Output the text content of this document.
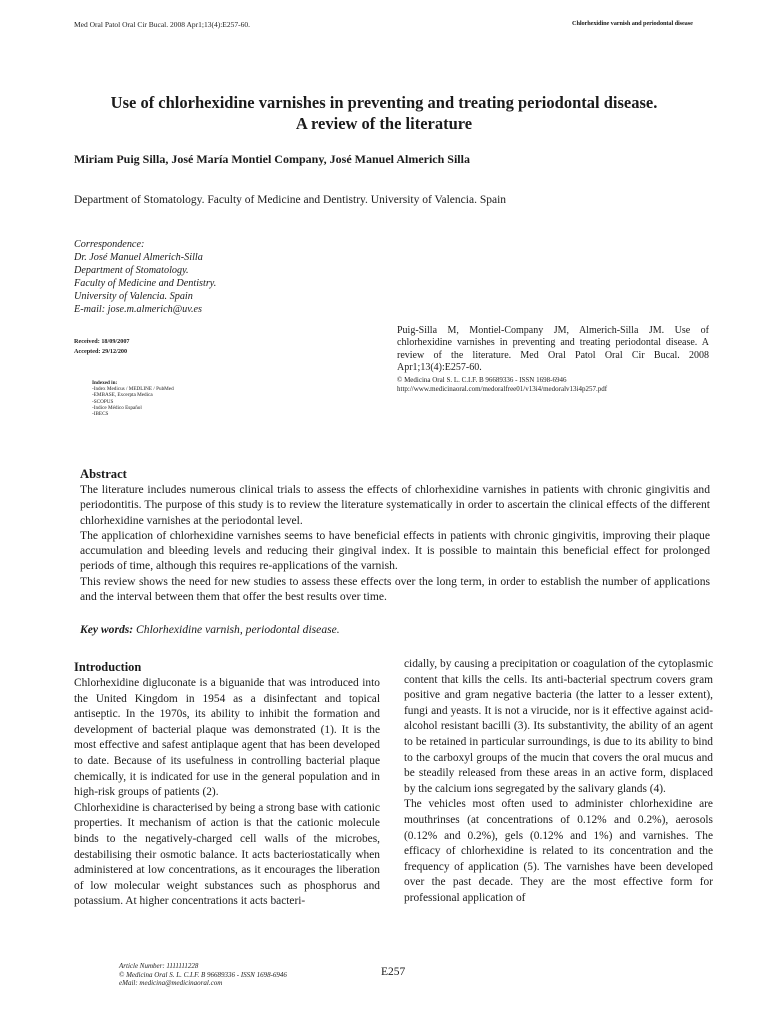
Med Oral Patol Oral Cir Bucal. 2008 Apr1;13(4):E257-60.	Chlorhexidine varnish and periodontal disease
Use of chlorhexidine varnishes in preventing and treating periodontal disease.
A review of the literature
Miriam Puig Silla, José María Montiel Company, José Manuel Almerich Silla
Department of Stomatology. Faculty of Medicine and Dentistry. University of Valencia. Spain
Correspondence:
Dr. José Manuel Almerich-Silla
Department of Stomatology.
Faculty of Medicine and Dentistry.
University of Valencia. Spain
E-mail: jose.m.almerich@uv.es
Received: 18/09/2007
Accepted: 29/12/200
Indexed in:
-Index Medicus / MEDLINE / PubMed
-EMBASE, Excerpta Medica
-SCOPUS
-Indice Médico Español
-IBECS
Puig-Silla M, Montiel-Company JM, Almerich-Silla JM. Use of chlorhexidine varnishes in preventing and treating periodontal disease. A review of the literature. Med Oral Patol Oral Cir Bucal. 2008 Apr1;13(4):E257-60.
© Medicina Oral S. L. C.I.F. B 96689336 - ISSN 1698-6946
http://www.medicinaoral.com/medoralfree01/v13i4/medoralv13i4p257.pdf
Abstract

The literature includes numerous clinical trials to assess the effects of chlorhexidine varnishes in patients with chronic gingivitis and periodontitis. The purpose of this study is to review the literature systematically in order to ascertain the clinical effects of the different chlorhexidine varnishes at the periodontal level.

The application of chlorhexidine varnishes seems to have beneficial effects in patients with chronic gingivitis, improving their plaque accumulation and bleeding levels and reducing their gingival index. It is possible to maintain this beneficial effect for prolonged periods of time, although this requires re-applications of the varnish.

This review shows the need for new studies to assess these effects over the long term, in order to establish the number of applications and the interval between them that offer the best results over time.

Key words: Chlorhexidine varnish, periodontal disease.
Introduction

Chlorhexidine digluconate is a biguanide that was introduced into the United Kingdom in 1954 as a disinfectant and topical antiseptic. In the 1970s, its ability to inhibit the formation and development of bacterial plaque was demonstrated (1). It is the most effective and safest antiplaque agent that has been developed to date. Because of its usefulness in controlling bacterial plaque chemically, it is indicated for use in the general population and in high-risk groups of patients (2).

Chlorhexidine is characterised by being a strong base with cationic properties. It mechanism of action is that the cationic molecule binds to the negatively-charged cell walls of the microbes, destabilising their osmotic balance. It acts bacteriostatically when administered at low concentrations, as it encourages the liberation of low molecular weight substances such as phosphorus and potassium. At higher concentrations it acts bacteri-

cidally, by causing a precipitation or coagulation of the cytoplasmic content that kills the cells. Its anti-bacterial spectrum covers gram positive and gram negative bacteria (the latter to a lesser extent), fungi and yeasts. It is not a virucide, nor is it effective against acid-alcohol resistant bacilli (3). Its substantivity, the ability of an agent to be retained in particular surroundings, is due to its ability to bind to the carboxyl groups of the mucin that covers the oral mucus and be steadily released from these areas in an active form, displaced by the calcium ions segregated by the salivary glands (4).

The vehicles most often used to administer chlorhexidine are mouthrinses (at concentrations of 0.12% and 0.2%), aerosols (0.12% and 0.2%), gels (0.12% and 1%) and varnishes. The efficacy of chlorhexidine is related to its concentration and the frequency of application (5). The varnishes have been developed over the past decade. They are the most effective form for professional application of

Article Number: 1111111228
© Medicina Oral S. L. C.I.F. B 96689336 - ISSN 1698-6946
eMail: medicina@medicinaoral.com
E257
